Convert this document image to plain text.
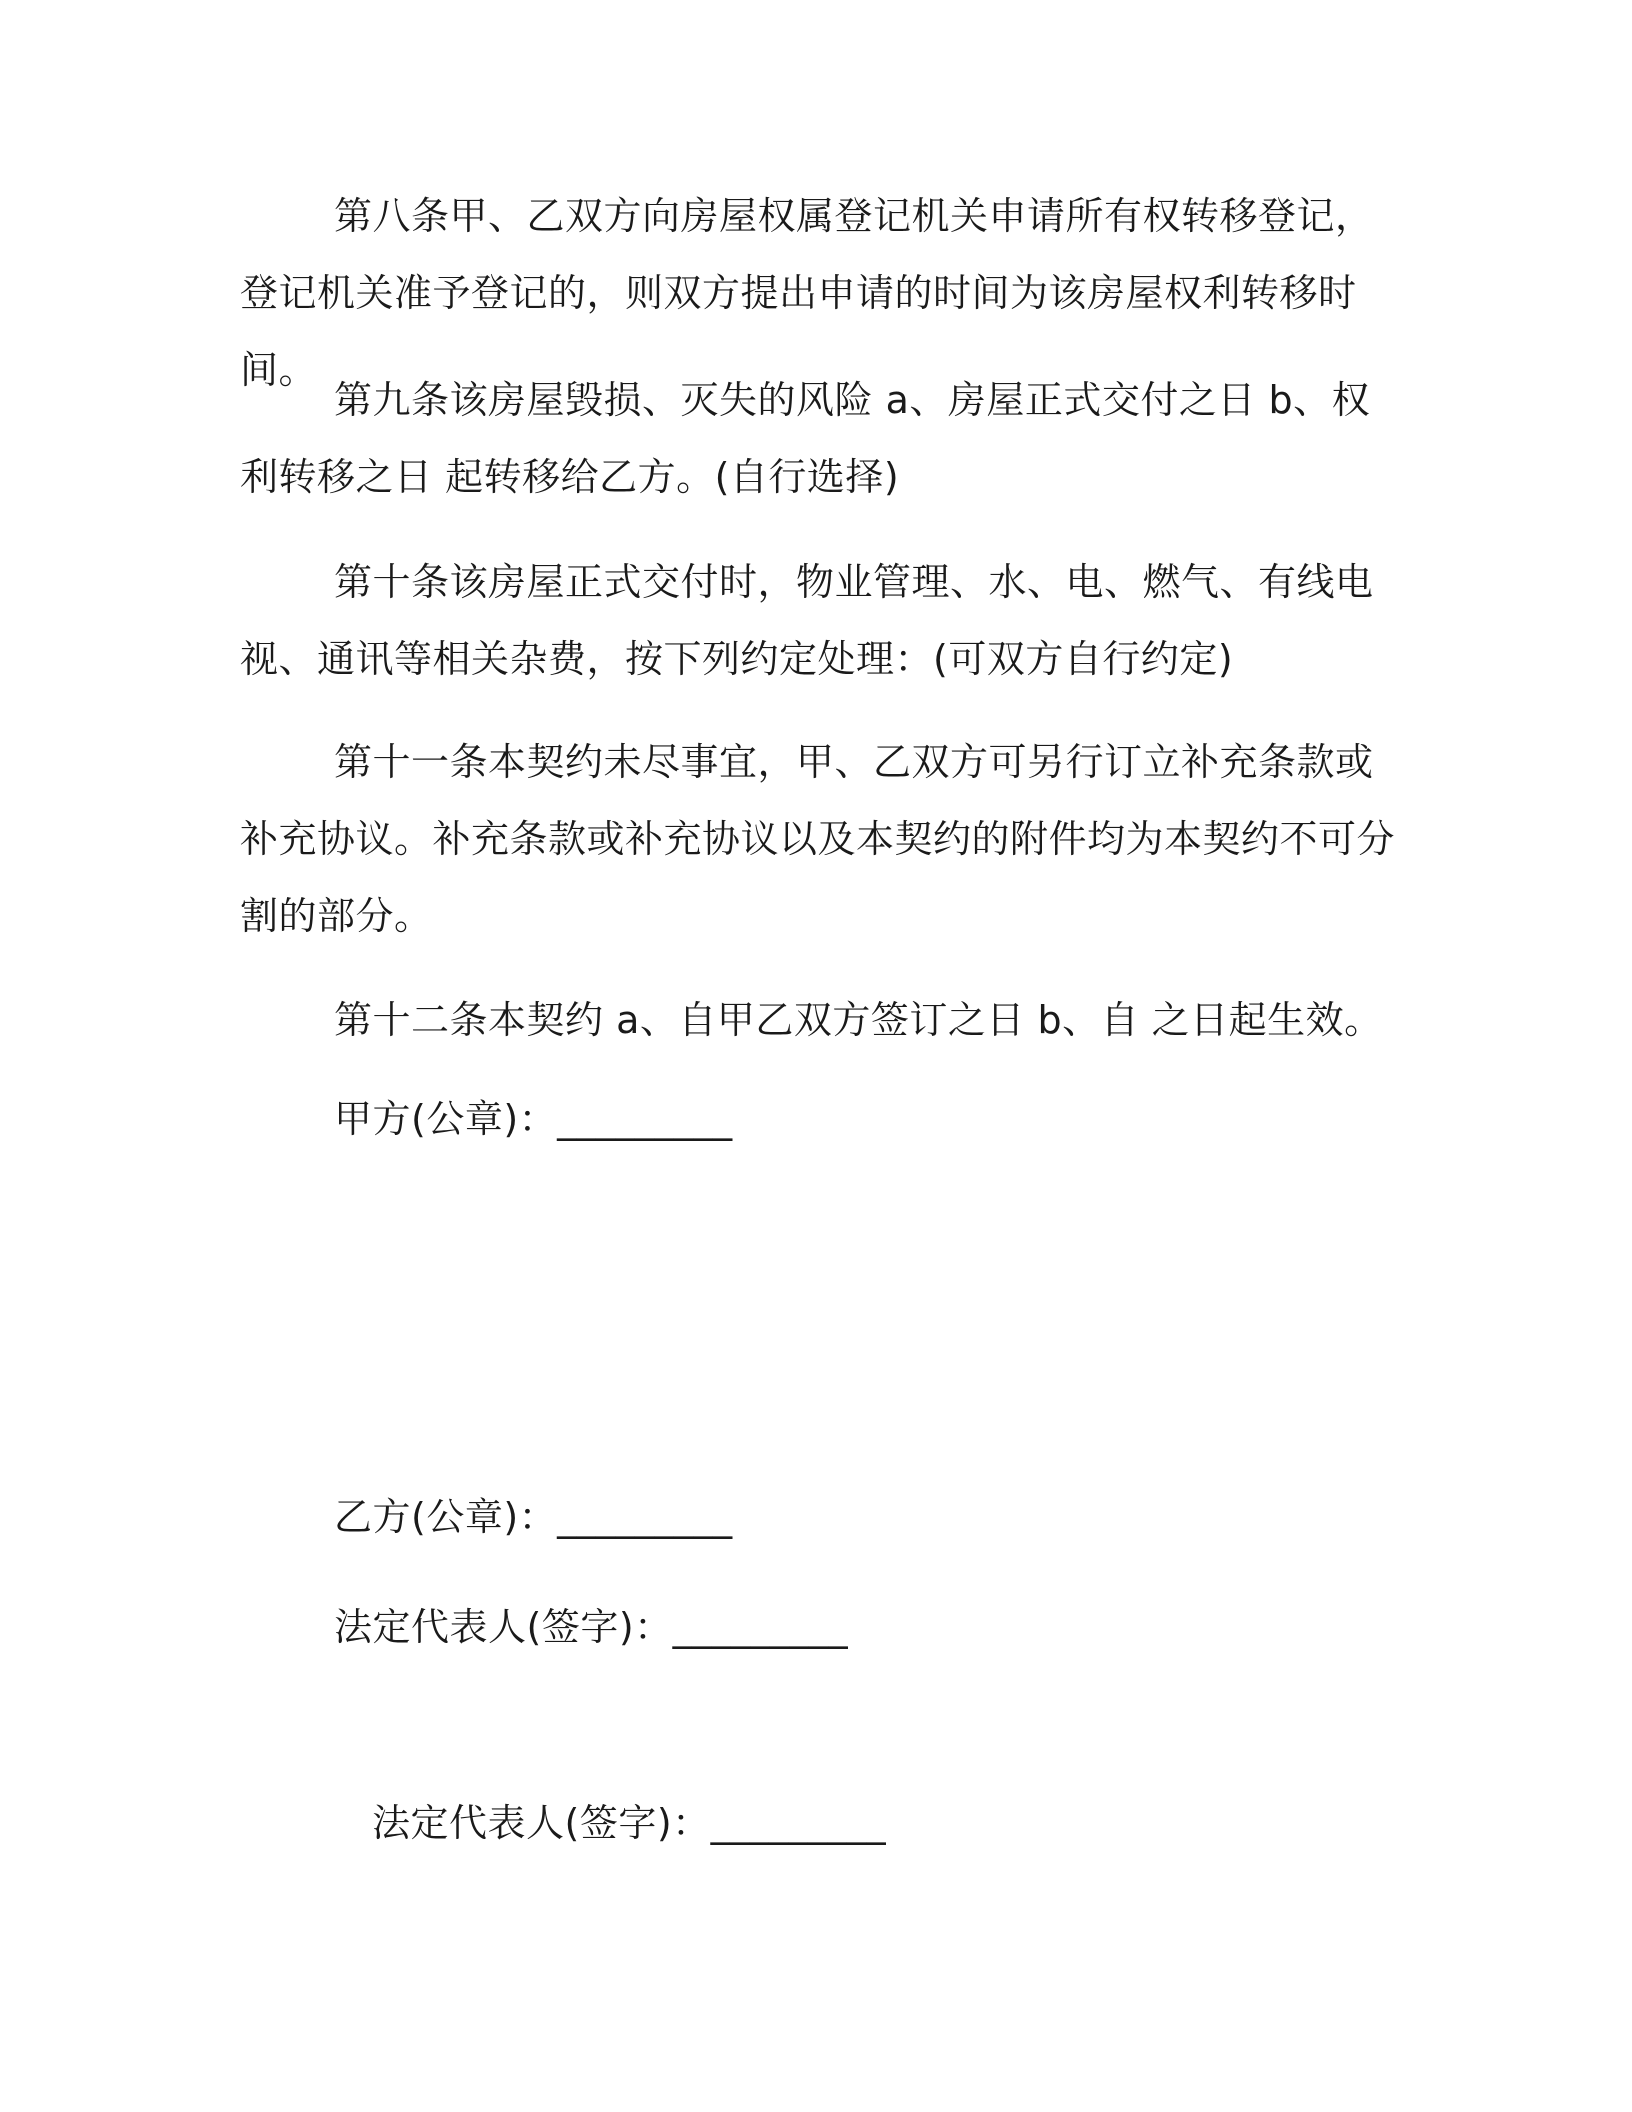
第八条甲、乙双方向房屋权属登记机关申请所有权转移登记，登记机关准予登记的，则双方提出申请的时间为该房屋权利转移时间。

第九条该房屋毁损、灭失的风险 a、房屋正式交付之日 b、权利转移之日 起转移给乙方。(自行选择)

第十条该房屋正式交付时，物业管理、水、电、燃气、有线电视、通讯等相关杂费，按下列约定处理：(可双方自行约定)

第十一条本契约未尽事宜，甲、乙双方可另行订立补充条款或补充协议。补充条款或补充协议以及本契约的附件均为本契约不可分割的部分。

第十二条本契约 a、自甲乙双方签订之日 b、自 之日起生效。

甲方(公章)：_________

乙方(公章)：_________

法定代表人(签字)：_________

法定代表人(签字)：_________
